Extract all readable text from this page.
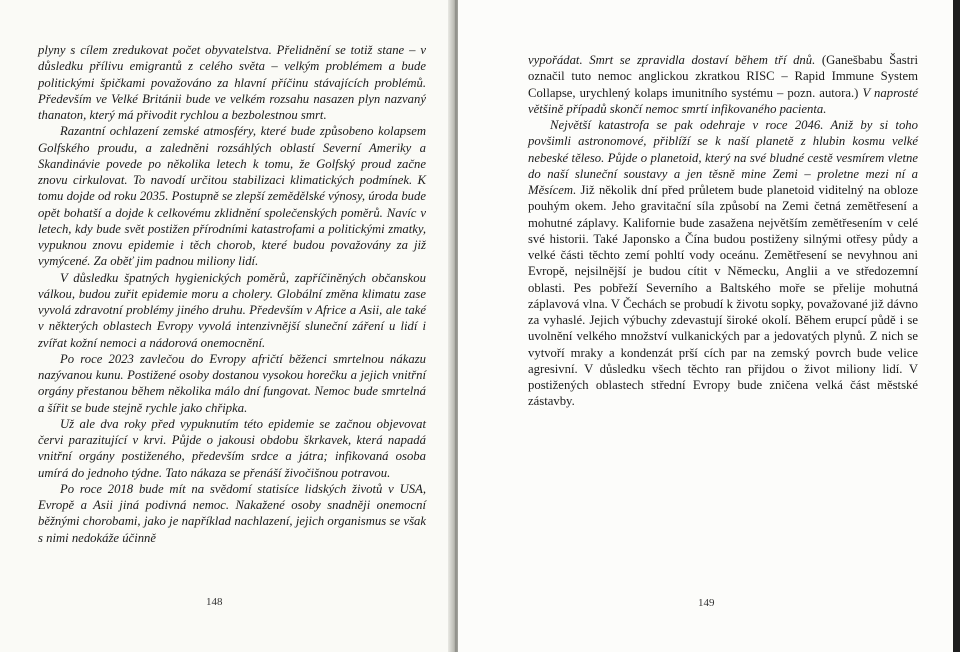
plyny s cílem zredukovat počet obyvatelstva. Přelidnění se totiž stane – v důsledku přílivu emigrantů z celého světa – velkým problémem a bude politickými špičkami považováno za hlavní příčinu stávajících problémů. Především ve Velké Británii bude ve velkém rozsahu nasazen plyn nazvaný thanaton, který má přivodit rychlou a bezbolestnou smrt.

Razantní ochlazení zemské atmosféry, které bude způsobeno kolapsem Golfského proudu, a zaledněni rozsáhlých oblastí Severní Ameriky a Skandinávie povede po několika letech k tomu, že Golfský proud začne znovu cirkulovat. To navodí určitou stabilizaci klimatických podmínek. K tomu dojde od roku 2035. Postupně se zlepší zemědělské výnosy, úroda bude opět bohatší a dojde k celkovému zklidnění společenských poměrů. Navíc v letech, kdy bude svět postižen přírodními katastrofami a politickými zmatky, vypuknou znovu epidemie i těch chorob, které budou považovány za již vymýcené. Za oběť jim padnou miliony lidí.

V důsledku špatných hygienických poměrů, zapříčiněných občanskou válkou, budou zuřit epidemie moru a cholery. Globální změna klimatu zase vyvolá zdravotní problémy jiného druhu. Především v Africe a Asii, ale také v některých oblastech Evropy vyvolá intenzivnější sluneční záření u lidí i zvířat kožní nemoci a nádorová onemocnění.

Po roce 2023 zavlečou do Evropy afričtí běženci smrtelnou nákazu nazývanou kunu. Postižené osoby dostanou vysokou horečku a jejich vnitřní orgány přestanou během několika málo dní fungovat. Nemoc bude smrtelná a šířit se bude stejně rychle jako chřipka.

Už ale dva roky před vypuknutím této epidemie se začnou objevovat červi parazitující v krvi. Půjde o jakousi obdobu škrkavek, která napadá vnitřní orgány postiženého, především srdce a játra; infikovaná osoba umírá do jednoho týdne. Tato nákaza se přenáší živočišnou potravou.

Po roce 2018 bude mít na svědomí statisíce lidských životů v USA, Evropě a Asii jiná podivná nemoc. Nakažené osoby snadněji onemocní běžnými chorobami, jako je například nachlazení, jejich organismus se však s nimi nedokáže účinně

148

vypořádat. Smrt se zpravidla dostaví během tří dnů. (Ganešbabu Šastri označil tuto nemoc anglickou zkratkou RISC – Rapid Immune System Collapse, urychlený kolaps imunitního systému – pozn. autora.) V naprosté většině případů skončí nemoc smrtí infikovaného pacienta.

Největší katastrofa se pak odehraje v roce 2046. Aniž by si toho povšimli astronomové, přiblíží se k naší planetě z hlubin kosmu velké nebeské těleso. Půjde o planetoid, který na své bludné cestě vesmírem vletne do naší sluneční soustavy a jen těsně mine Zemi – proletne mezi ní a Měsícem. Již několik dní před průletem bude planetoid viditelný na obloze pouhým okem. Jeho gravitační síla způsobí na Zemi četná zemětřesení a mohutné záplavy. Kalifornie bude zasažena největším zemětřesením v celé své historii. Také Japonsko a Čína budou postiženy silnými otřesy půdy a velké části těchto zemí pohltí vody oceánu. Zemětřesení se nevyhnou ani Evropě, nejsilnější je budou cítit v Německu, Anglii a ve středozemní oblasti. Pes pobřeží Severního a Baltského moře se přelije mohutná záplavová vlna. V Čechách se probudí k životu sopky, považované již dávno za vyhaslé. Jejich výbuchy zdevastují široké okolí. Během erupcí půdě i se uvolnění velkého množství vulkanických par a jedovatých plynů. Z nich se vytvoří mraky a kondenzát prší cích par na zemský povrch bude velice agresivní. V důsledku všech těchto ran přijdou o život miliony lidí. V postižených oblastech střední Evropy bude zničena velká část městské zástavby.

149
